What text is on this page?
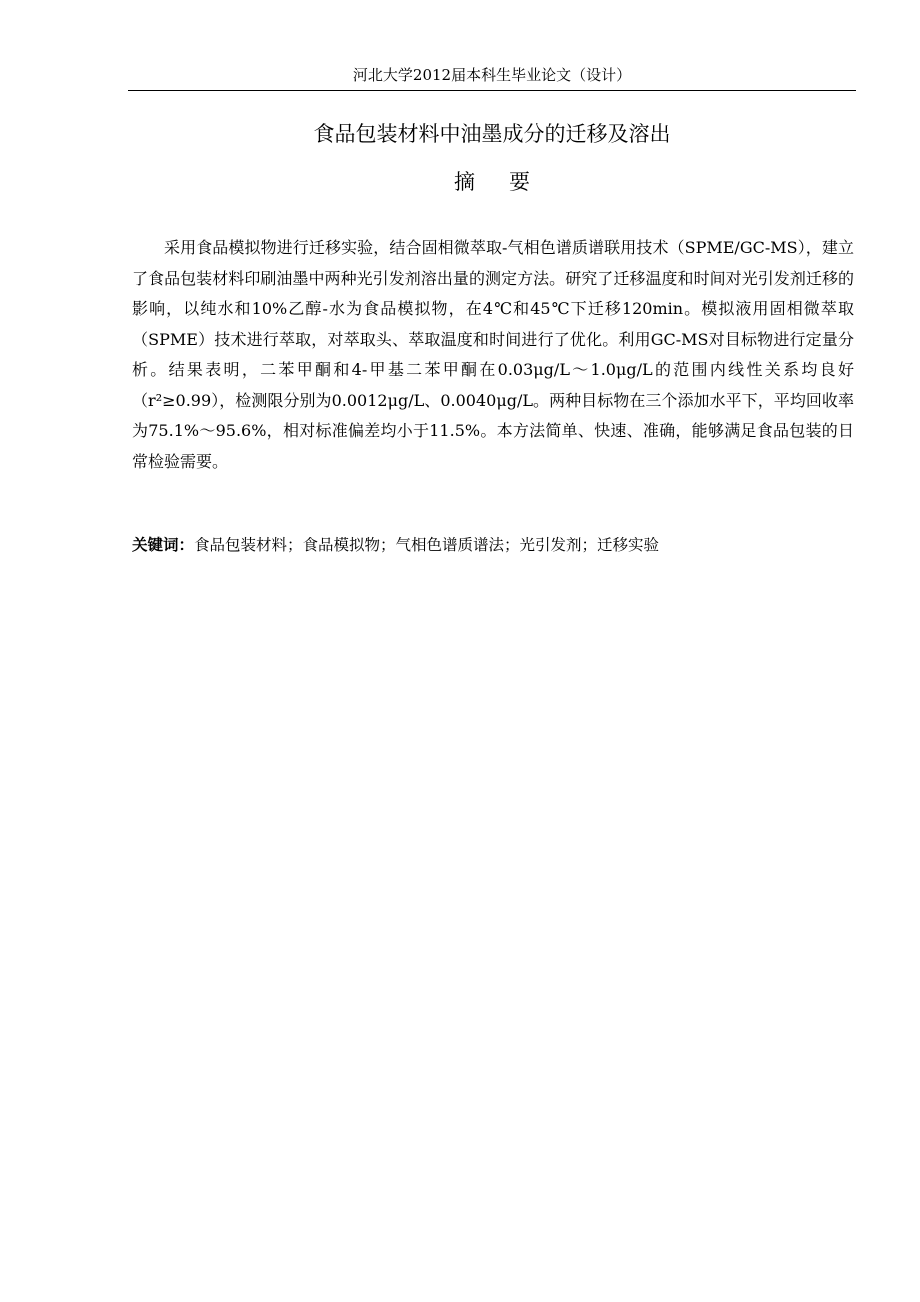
河北大学2012届本科生毕业论文（设计）
食品包装材料中油墨成分的迁移及溶出
摘要

采用食品模拟物进行迁移实验，结合固相微萃取-气相色谱质谱联用技术（SPME/GC-MS），建立了食品包装材料印刷油墨中两种光引发剂溶出量的测定方法。研究了迁移温度和时间对光引发剂迁移的影响，以纯水和10%乙醇-水为食品模拟物，在4℃和45℃下迁移120min。模拟液用固相微萃取（SPME）技术进行萃取，对萃取头、萃取温度和时间进行了优化。利用GC-MS对目标物进行定量分析。结果表明，二苯甲酮和4-甲基二苯甲酮在0.03μg/L～1.0μg/L的范围内线性关系均良好（r²≥0.99），检测限分别为0.0012μg/L、0.0040μg/L。两种目标物在三个添加水平下，平均回收率为75.1%～95.6%，相对标准偏差均小于11.5%。本方法简单、快速、准确，能够满足食品包装的日常检验需要。

关键词：食品包装材料；食品模拟物；气相色谱质谱法；光引发剂；迁移实验
